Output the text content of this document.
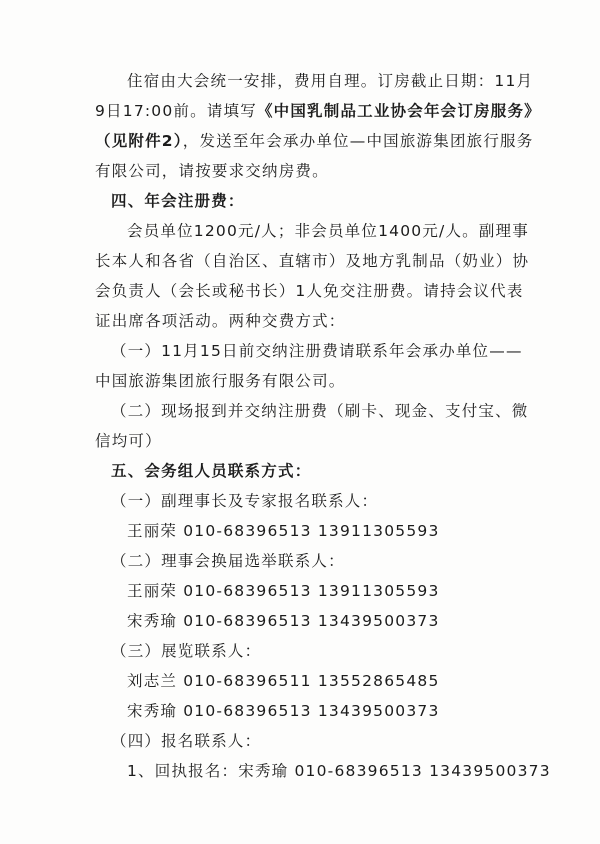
住宿由大会统一安排，费用自理。订房截止日期：11月
9日17:00前。请填写《中国乳制品工业协会年会订房服务》
（见附件2），发送至年会承办单位—中国旅游集团旅行服务
有限公司，请按要求交纳房费。
四、年会注册费：
会员单位1200元/人；非会员单位1400元/人。副理事
长本人和各省（自治区、直辖市）及地方乳制品（奶业）协
会负责人（会长或秘书长）1人免交注册费。请持会议代表
证出席各项活动。两种交费方式：
（一）11月15日前交纳注册费请联系年会承办单位——
中国旅游集团旅行服务有限公司。
（二）现场报到并交纳注册费（刷卡、现金、支付宝、微
信均可）
五、会务组人员联系方式：
（一）副理事长及专家报名联系人：
王丽荣 010-68396513 13911305593
（二）理事会换届选举联系人：
王丽荣 010-68396513 13911305593
宋秀瑜 010-68396513 13439500373
（三）展览联系人：
刘志兰 010-68396511 13552865485
宋秀瑜 010-68396513 13439500373
（四）报名联系人：
1、回执报名：宋秀瑜 010-68396513 13439500373
